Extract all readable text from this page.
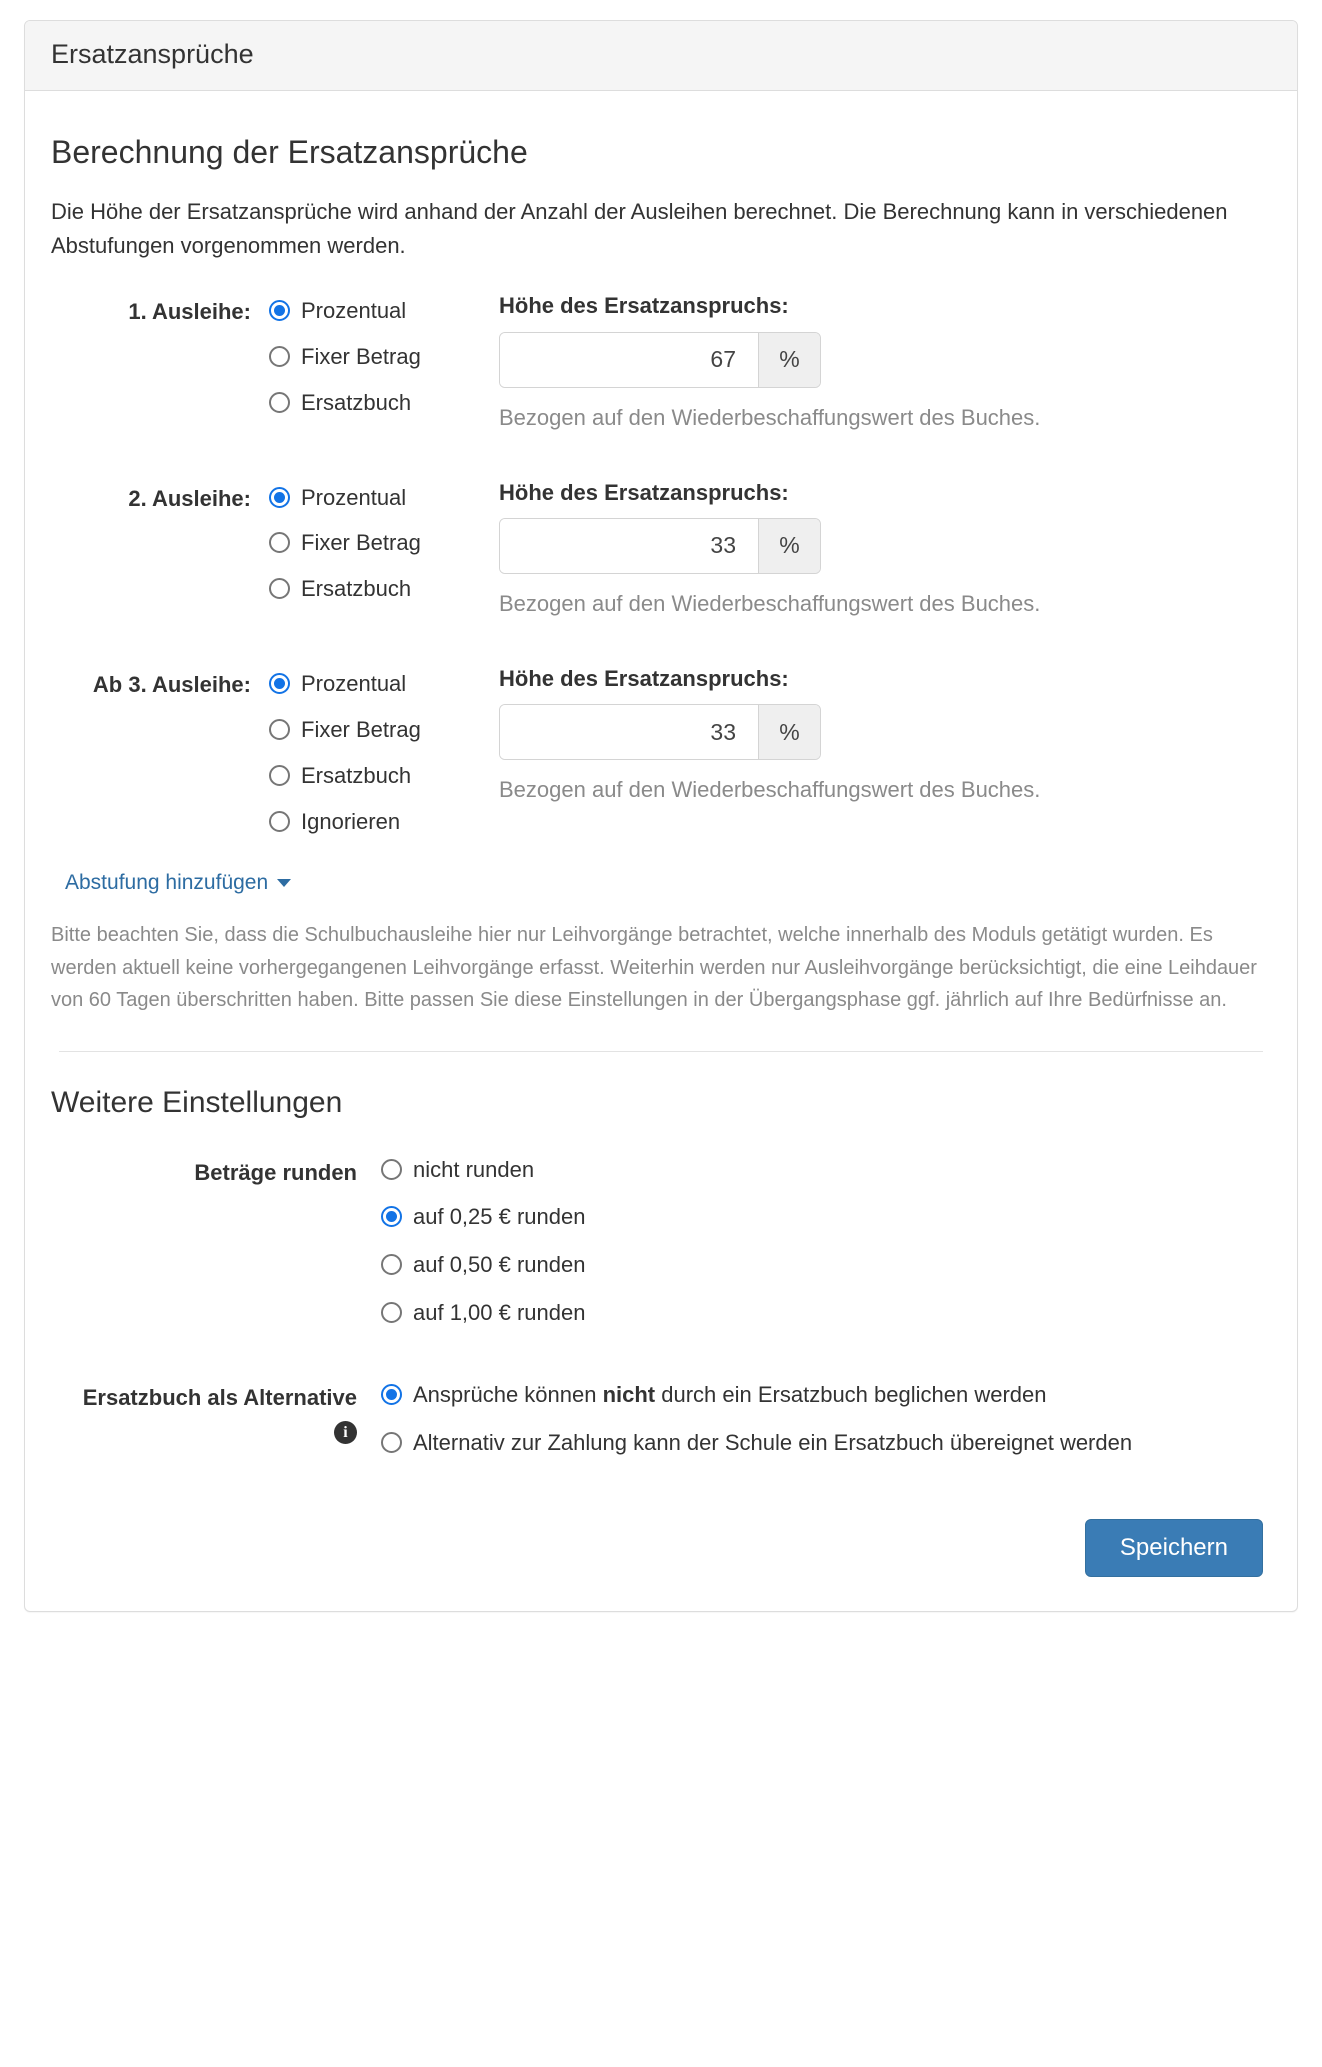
Ersatzansprüche
Berechnung der Ersatzansprüche

Die Höhe der Ersatzansprüche wird anhand der Anzahl der Ausleihen berechnet. Die Berechnung kann in verschiedenen Abstufungen vorgenommen werden.

1. Ausleihe:	Prozentual
Fixer Betrag
Ersatzbuch
Höhe des Ersatzanspruchs:
67
%
Bezogen auf den Wiederbeschaffungswert des Buches.
2. Ausleihe:	Prozentual
Fixer Betrag
Ersatzbuch
Höhe des Ersatzanspruchs:
33
%
Bezogen auf den Wiederbeschaffungswert des Buches.
Ab 3. Ausleihe:	Prozentual
Fixer Betrag
Ersatzbuch
Ignorieren
Höhe des Ersatzanspruchs:
33
%
Bezogen auf den Wiederbeschaffungswert des Buches.
Abstufung hinzufügen

Bitte beachten Sie, dass die Schulbuchausleihe hier nur Leihvorgänge betrachtet, welche innerhalb des Moduls getätigt wurden. Es werden aktuell keine vorhergegangenen Leihvorgänge erfasst. Weiterhin werden nur Ausleihvorgänge berücksichtigt, die eine Leihdauer von 60 Tagen überschritten haben. Bitte passen Sie diese Einstellungen in der Übergangsphase ggf. jährlich auf Ihre Bedürfnisse an.

Weitere Einstellungen
Beträge runden	nicht runden
auf 0,25 € runden
auf 0,50 € runden
auf 1,00 € runden
Ersatzbuch als Alternative
i
Ansprüche können nicht durch ein Ersatzbuch beglichen werden
Alternativ zur Zahlung kann der Schule ein Ersatzbuch übereignet werden
Speichern
